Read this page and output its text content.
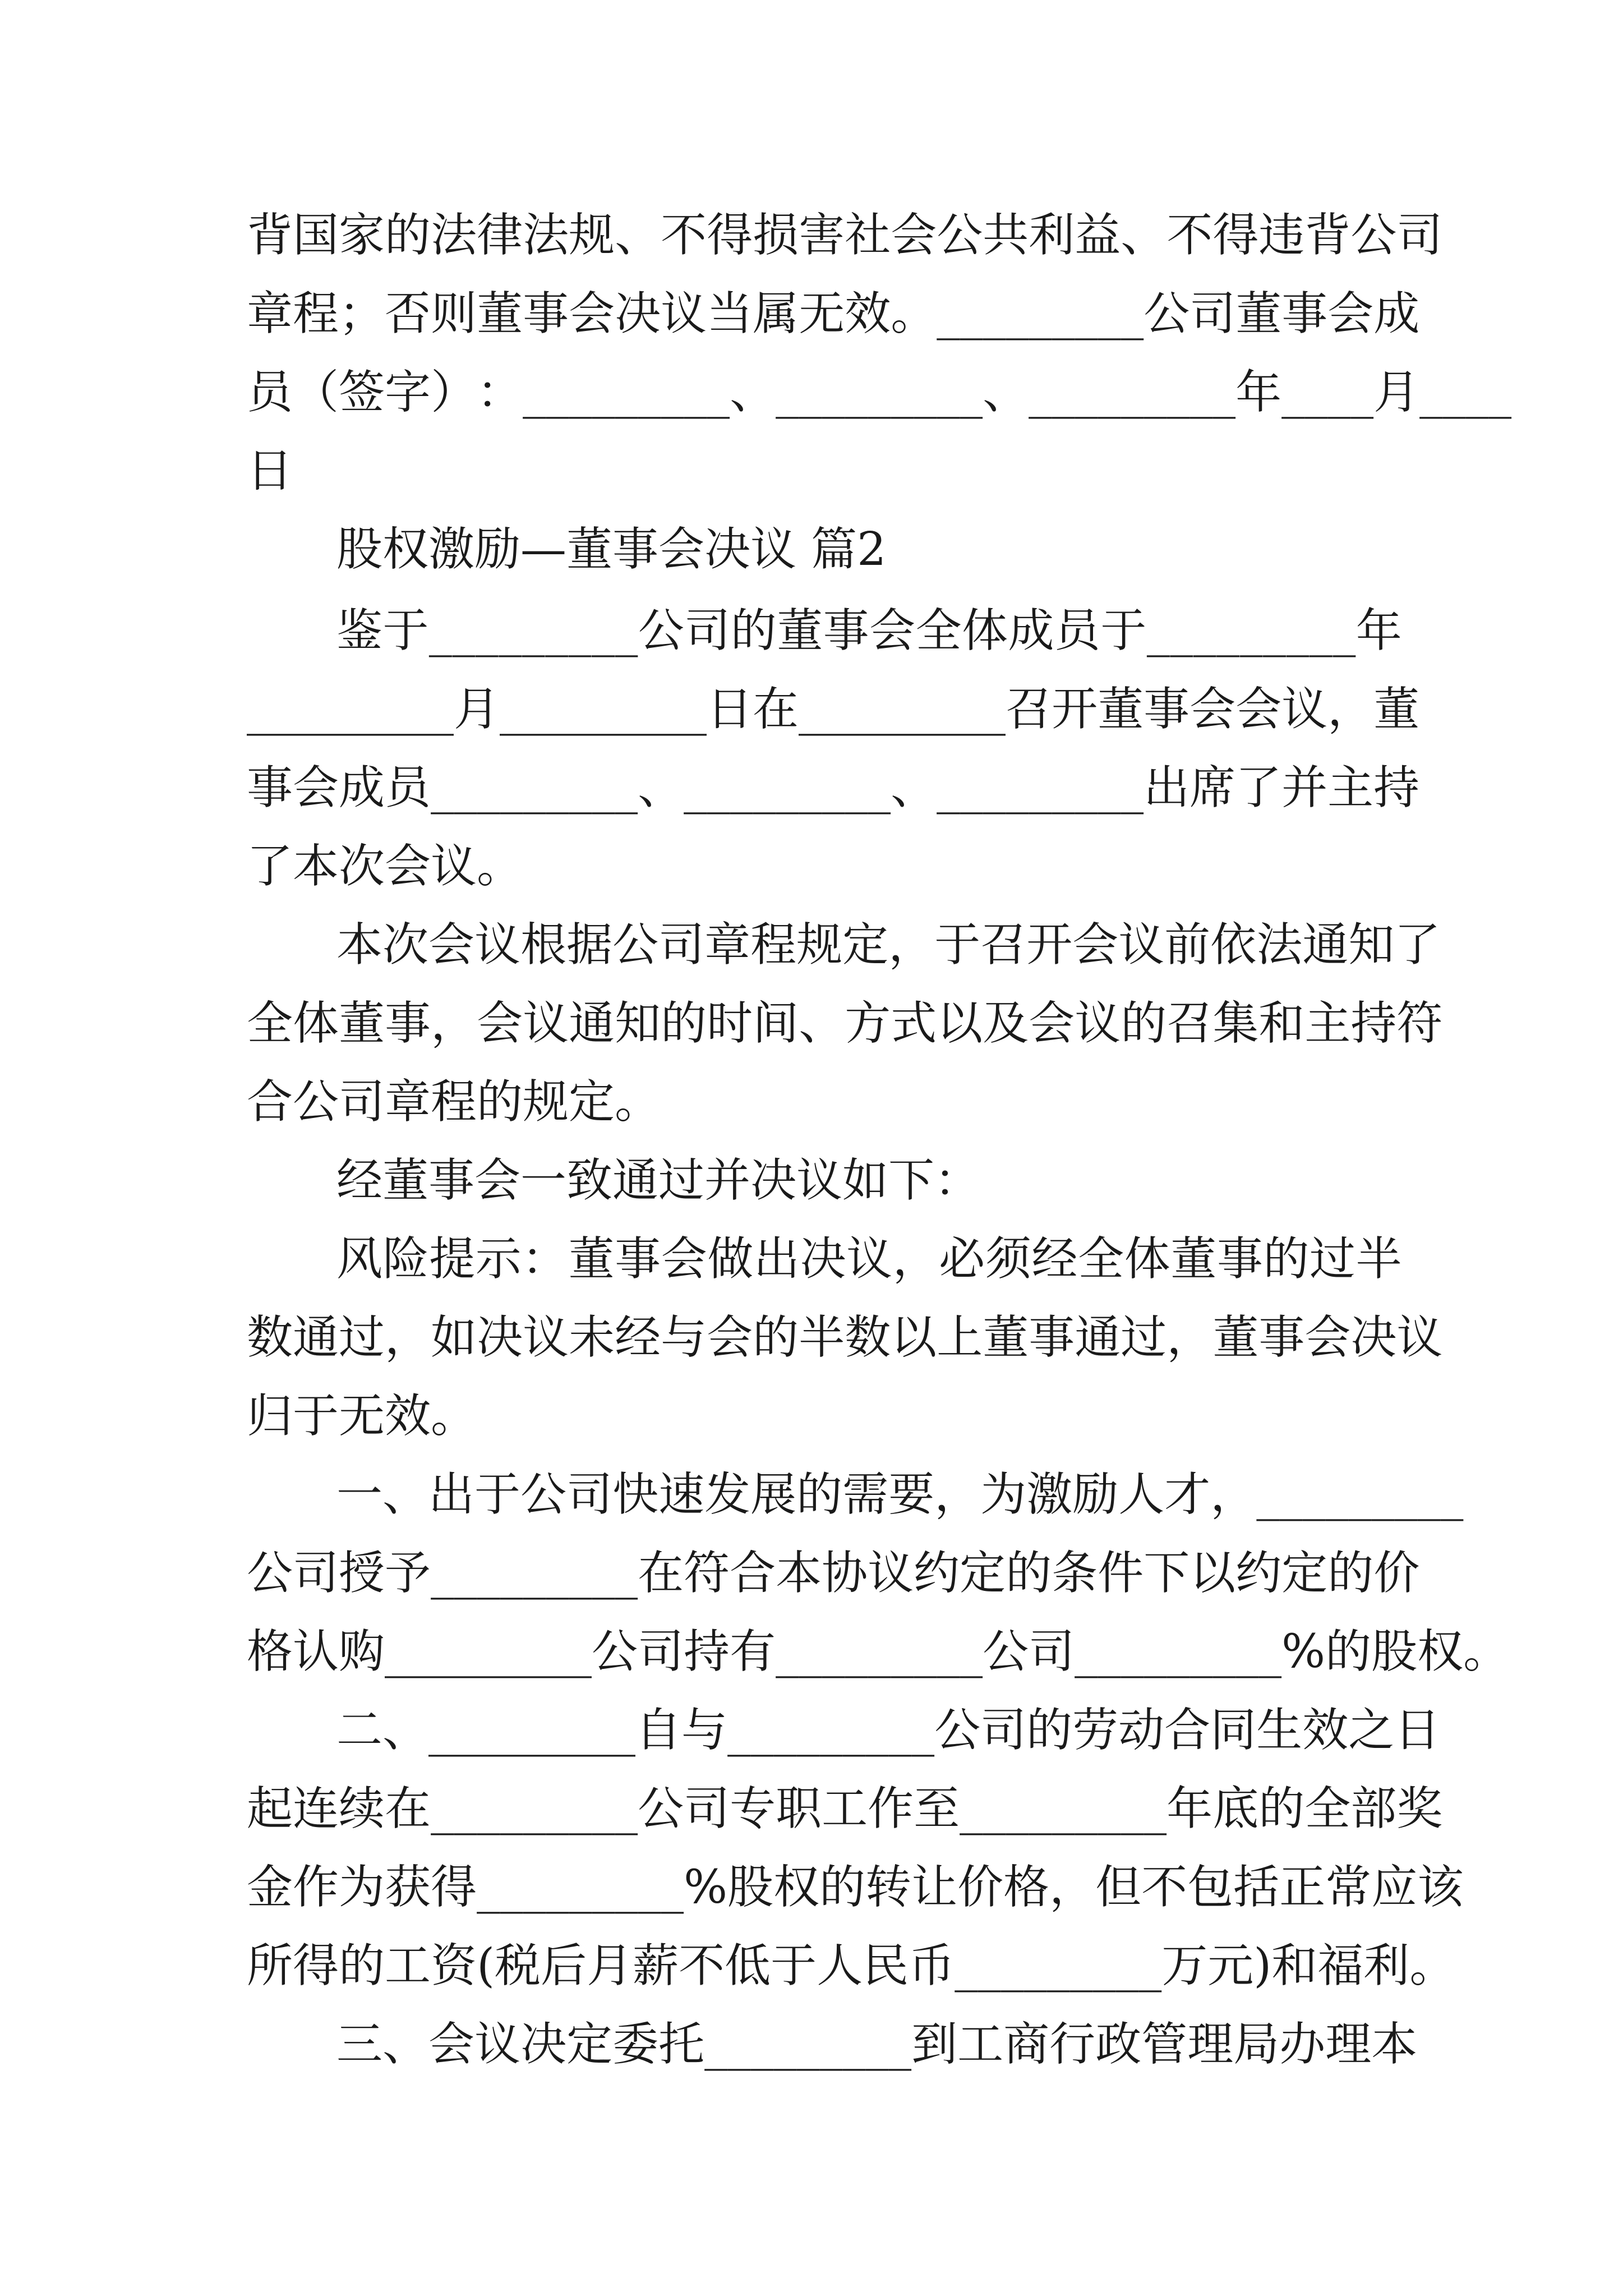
背 国 家 的 法 律 法 规 、 不 得 损 害 社 会 公 共 利 益 、 不 得 违 背 公 司
章 程 ； 否 则 董 事 会 决 议 当 属 无 效 。 _ _ _ _ _ _ _ _ _ 公 司 董 事 会 成
员 （ 签 字 ） ： _ _ _ _ _ _ _ _ _ 、 _ _ _ _ _ _ _ _ _ 、 _ _ _ _ _ _ _ _ _ 年 _ _ _ _ 月 _ _ _ _
日
股权激励—董事会决议 篇2
鉴 于 _ _ _ _ _ _ _ _ _ 公 司 的 董 事 会 全 体 成 员 于 _ _ _ _ _ _ _ _ _ 年
_ _ _ _ _ _ _ _ _ 月 _ _ _ _ _ _ _ _ _ 日 在 _ _ _ _ _ _ _ _ _ 召 开 董 事 会 会 议 ， 董
事 会 成 员 _ _ _ _ _ _ _ _ _ 、 _ _ _ _ _ _ _ _ _ 、 _ _ _ _ _ _ _ _ _ 出 席 了 并 主 持
了本次会议。
本 次 会 议 根 据 公 司 章 程 规 定 ， 于 召 开 会 议 前 依 法 通 知 了
全 体 董 事 ， 会 议 通 知 的 时 间 、 方 式 以 及 会 议 的 召 集 和 主 持 符
合公司章程的规定。
经董事会一致通过并决议如下：
风 险 提 示 ： 董 事 会 做 出 决 议 ， 必 须 经 全 体 董 事 的 过 半
数 通 过 ， 如 决 议 未 经 与 会 的 半 数 以 上 董 事 通 过 ， 董 事 会 决 议
归于无效。
一 、 出 于 公 司 快 速 发 展 的 需 要 ， 为 激 励 人 才 ， _ _ _ _ _ _ _ _ _
公 司 授 予 _ _ _ _ _ _ _ _ _ 在 符 合 本 协 议 约 定 的 条 件 下 以 约 定 的 价
格 认 购 _ _ _ _ _ _ _ _ _ 公 司 持 有 _ _ _ _ _ _ _ _ _ 公 司 _ _ _ _ _ _ _ _ _ % 的 股 权 。
二 、 _ _ _ _ _ _ _ _ _ 自 与 _ _ _ _ _ _ _ _ _ 公 司 的 劳 动 合 同 生 效 之 日
起 连 续 在 _ _ _ _ _ _ _ _ _ 公 司 专 职 工 作 至 _ _ _ _ _ _ _ _ _ 年 底 的 全 部 奖
金 作 为 获 得 _ _ _ _ _ _ _ _ _ % 股 权 的 转 让 价 格 ， 但 不 包 括 正 常 应 该
所 得 的 工 资 ( 税 后 月 薪 不 低 于 人 民 币 _ _ _ _ _ _ _ _ _ 万 元 ) 和 福 利 。
三 、 会 议 决 定 委 托 _ _ _ _ _ _ _ _ _ 到 工 商 行 政 管 理 局 办 理 本
